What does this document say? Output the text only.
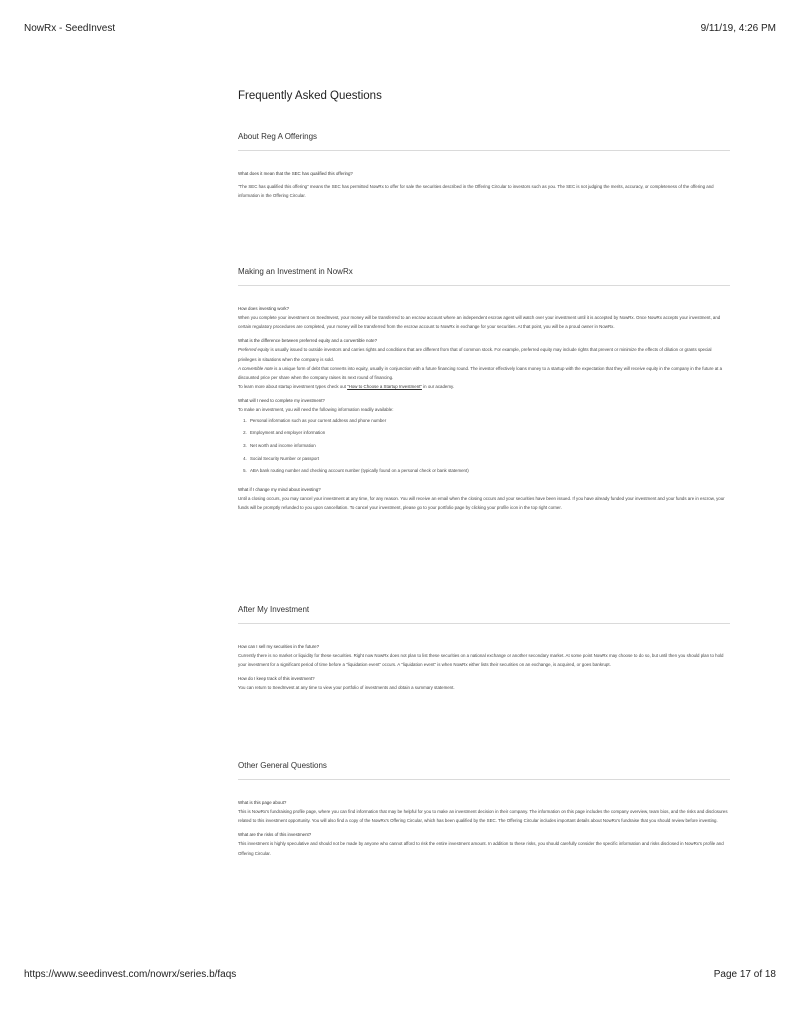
NowRx - SeedInvest	9/11/19, 4:26 PM
Frequently Asked Questions

About Reg A Offerings

What does it mean that the SEC has qualified this offering?

"The SEC has qualified this offering" means the SEC has permitted NowRx to offer for sale the securities described in the Offering Circular to investors such as you. The SEC is not judging the merits, accuracy, or completeness of the offering and information in the Offering Circular.

Making an Investment in NowRx

How does investing work?

When you complete your investment on SeedInvest, your money will be transferred to an escrow account where an independent escrow agent will watch over your investment until it is accepted by NowRx. Once NowRx accepts your investment, and certain regulatory procedures are completed, your money will be transferred from the escrow account to NowRx in exchange for your securities. At that point, you will be a proud owner in NowRx.

What is the difference between preferred equity and a convertible note?

Preferred equity is usually issued to outside investors and carries rights and conditions that are different from that of common stock. For example, preferred equity may include rights that prevent or minimize the effects of dilution or grants special privileges in situations when the company is sold.

A convertible note is a unique form of debt that converts into equity, usually in conjunction with a future financing round. The investor effectively loans money to a startup with the expectation that they will receive equity in the company in the future at a discounted price per share when the company raises its next round of financing.

To learn more about startup investment types check out "How to Choose a Startup Investment" in our academy.

What will I need to complete my investment?

To make an investment, you will need the following information readily available:

1. Personal information such as your current address and phone number
2. Employment and employer information
3. Net worth and income information
4. Social Security Number or passport
5. ABA bank routing number and checking account number (typically found on a personal check or bank statement)

What if I change my mind about investing?

Until a closing occurs, you may cancel your investment at any time, for any reason. You will receive an email when the closing occurs and your securities have been issued. If you have already funded your investment and your funds are in escrow, your funds will be promptly refunded to you upon cancellation. To cancel your investment, please go to your portfolio page by clicking your profile icon in the top right corner.

After My Investment

How can I sell my securities in the future?

Currently there is no market or liquidity for these securities. Right now NowRx does not plan to list these securities on a national exchange or another secondary market. At some point NowRx may choose to do so, but until then you should plan to hold your investment for a significant period of time before a "liquidation event" occurs. A "liquidation event" is when NowRx either lists their securities on an exchange, is acquired, or goes bankrupt.

How do I keep track of this investment?

You can return to SeedInvest at any time to view your portfolio of investments and obtain a summary statement.

Other General Questions

What is this page about?

This is NowRx's fundraising profile page, where you can find information that may be helpful for you to make an investment decision in their company. The information on this page includes the company overview, team bios, and the risks and disclosures related to this investment opportunity. You will also find a copy of the NowRx's Offering Circular, which has been qualified by the SEC. The Offering Circular includes important details about NowRx's fundraise that you should review before investing.

What are the risks of this investment?

This investment is highly speculative and should not be made by anyone who cannot afford to risk the entire investment amount. In addition to these risks, you should carefully consider the specific information and risks disclosed in NowRx's profile and Offering Circular.

https://www.seedinvest.com/nowrx/series.b/faqs	Page 17 of 18
